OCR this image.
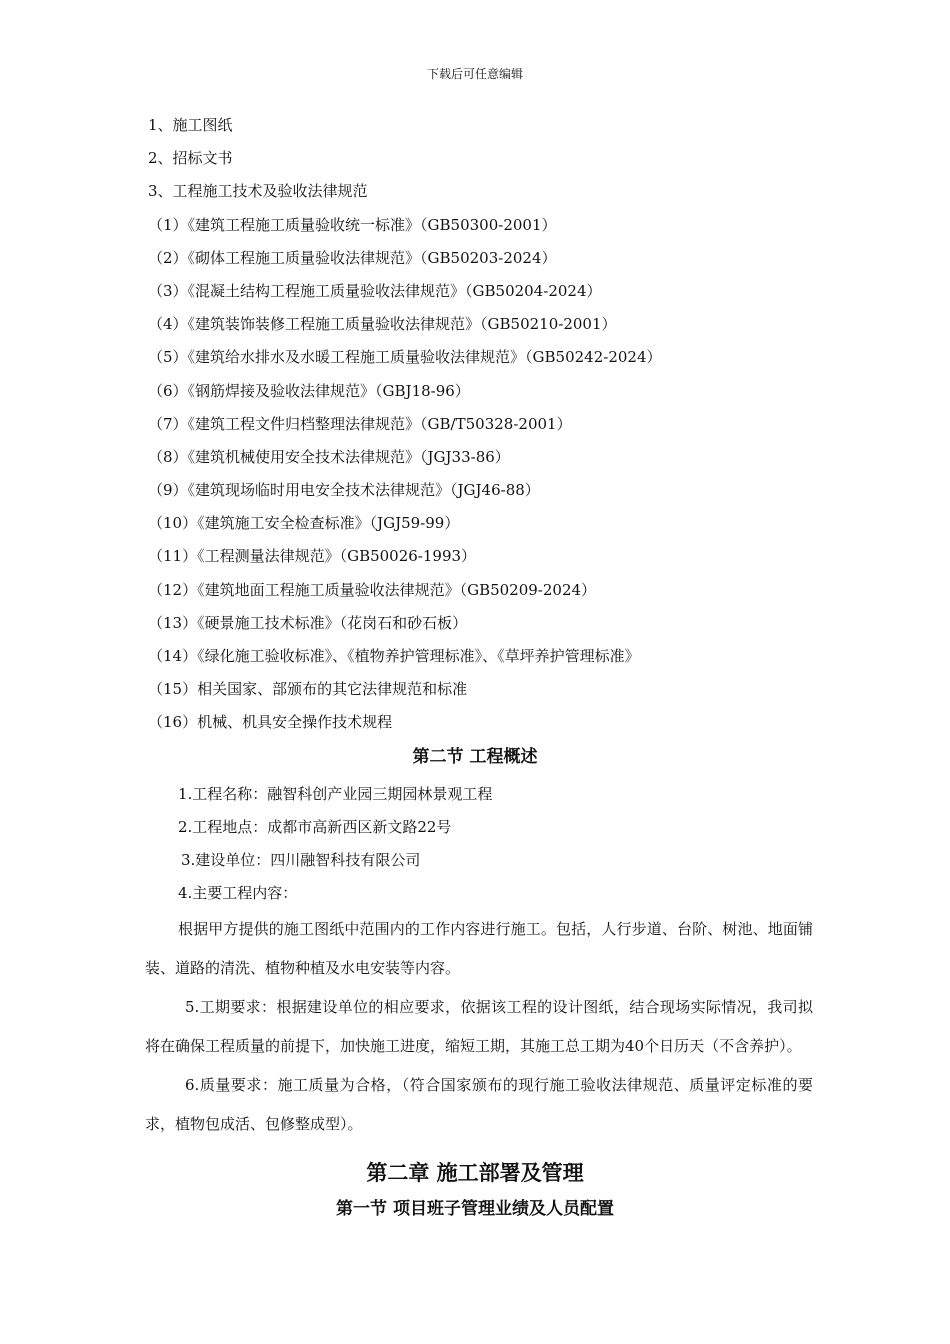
下载后可任意编辑
1、施工图纸
2、招标文书
3、工程施工技术及验收法律规范
（1）《建筑工程施工质量验收统一标准》（GB50300-2001）
（2）《砌体工程施工质量验收法律规范》（GB50203-2024）
（3）《混凝土结构工程施工质量验收法律规范》（GB50204-2024）
（4）《建筑装饰装修工程施工质量验收法律规范》（GB50210-2001）
（5）《建筑给水排水及水暖工程施工质量验收法律规范》（GB50242-2024）
（6）《钢筋焊接及验收法律规范》（GBJ18-96）
（7）《建筑工程文件归档整理法律规范》（GB/T50328-2001）
（8）《建筑机械使用安全技术法律规范》（JGJ33-86）
（9）《建筑现场临时用电安全技术法律规范》（JGJ46-88）
（10）《建筑施工安全检查标准》（JGJ59-99）
（11）《工程测量法律规范》（GB50026-1993）
（12）《建筑地面工程施工质量验收法律规范》（GB50209-2024）
（13）《硬景施工技术标准》（花岗石和砂石板）
（14）《绿化施工验收标准》、《植物养护管理标准》、《草坪养护管理标准》
（15）相关国家、部颁布的其它法律规范和标准
（16）机械、机具安全操作技术规程
第二节 工程概述
1.工程名称：融智科创产业园三期园林景观工程
2.工程地点：成都市高新西区新文路22号
3.建设单位：四川融智科技有限公司
4.主要工程内容：
根据甲方提供的施工图纸中范围内的工作内容进行施工。包括，人行步道、台阶、树池、地面铺装、道路的清洗、植物种植及水电安装等内容。
5.工期要求：根据建设单位的相应要求，依据该工程的设计图纸，结合现场实际情况，我司拟将在确保工程质量的前提下，加快施工进度，缩短工期，其施工总工期为40个日历天（不含养护）。
6.质量要求：施工质量为合格，（符合国家颁布的现行施工验收法律规范、质量评定标准的要求，植物包成活、包修整成型）。
第二章 施工部署及管理
第一节 项目班子管理业绩及人员配置
